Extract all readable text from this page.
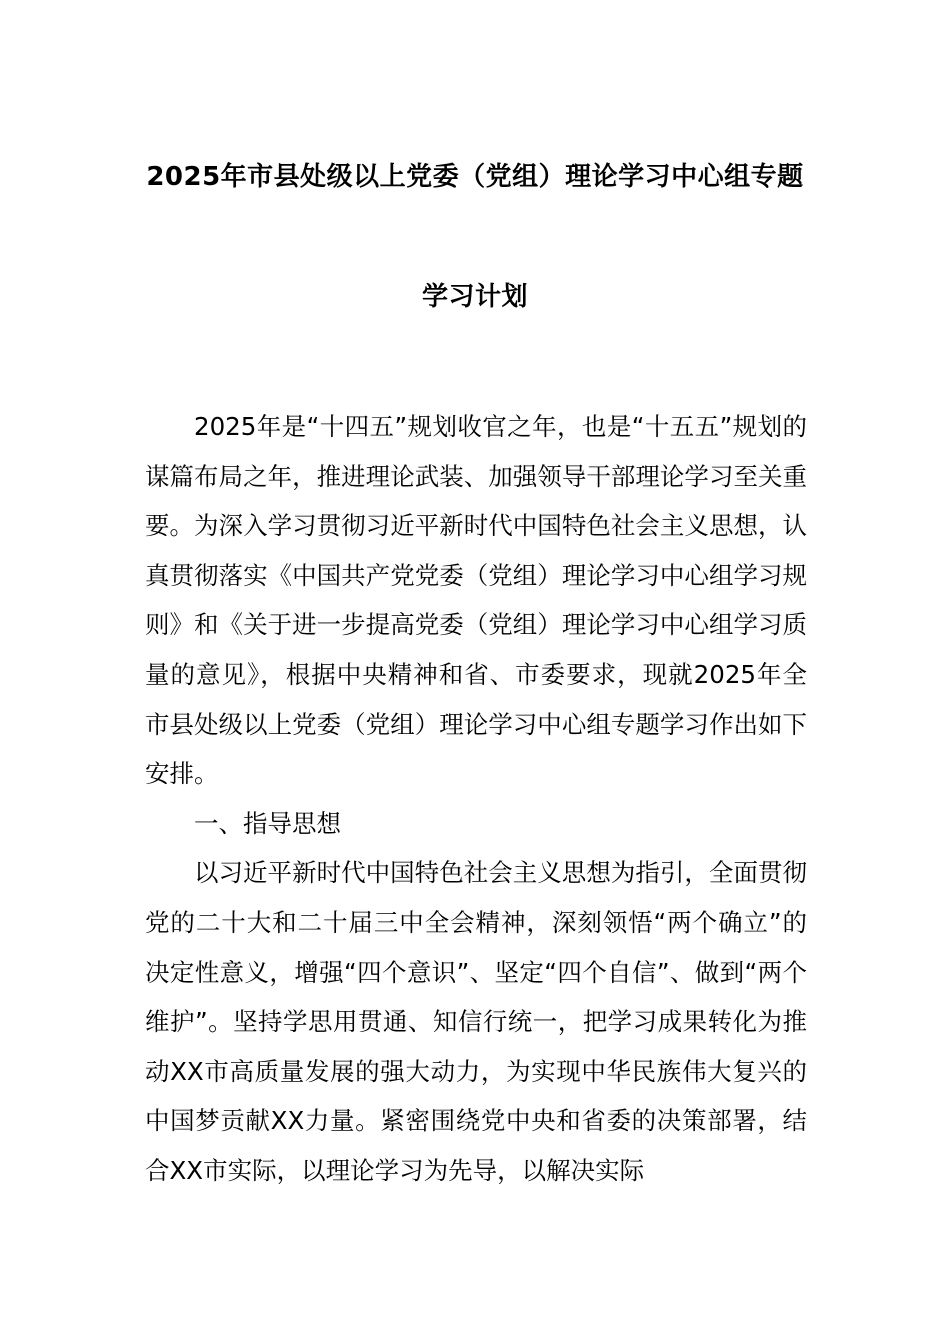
2025年市县处级以上党委（党组）理论学习中心组专题
学习计划

2025年是“十四五”规划收官之年，也是“十五五”规划的谋篇布局之年，推进理论武装、加强领导干部理论学习至关重要。为深入学习贯彻习近平新时代中国特色社会主义思想，认真贯彻落实《中国共产党党委（党组）理论学习中心组学习规则》和《关于进一步提高党委（党组）理论学习中心组学习质量的意见》，根据中央精神和省、市委要求，现就2025年全市县处级以上党委（党组）理论学习中心组专题学习作出如下安排。

一、指导思想

以习近平新时代中国特色社会主义思想为指引，全面贯彻党的二十大和二十届三中全会精神，深刻领悟“两个确立”的决定性意义，增强“四个意识”、坚定“四个自信”、做到“两个维护”。坚持学思用贯通、知信行统一，把学习成果转化为推动XX市高质量发展的强大动力，为实现中华民族伟大复兴的中国梦贡献XX力量。紧密围绕党中央和省委的决策部署，结合XX市实际，以理论学习为先导，以解决实际
